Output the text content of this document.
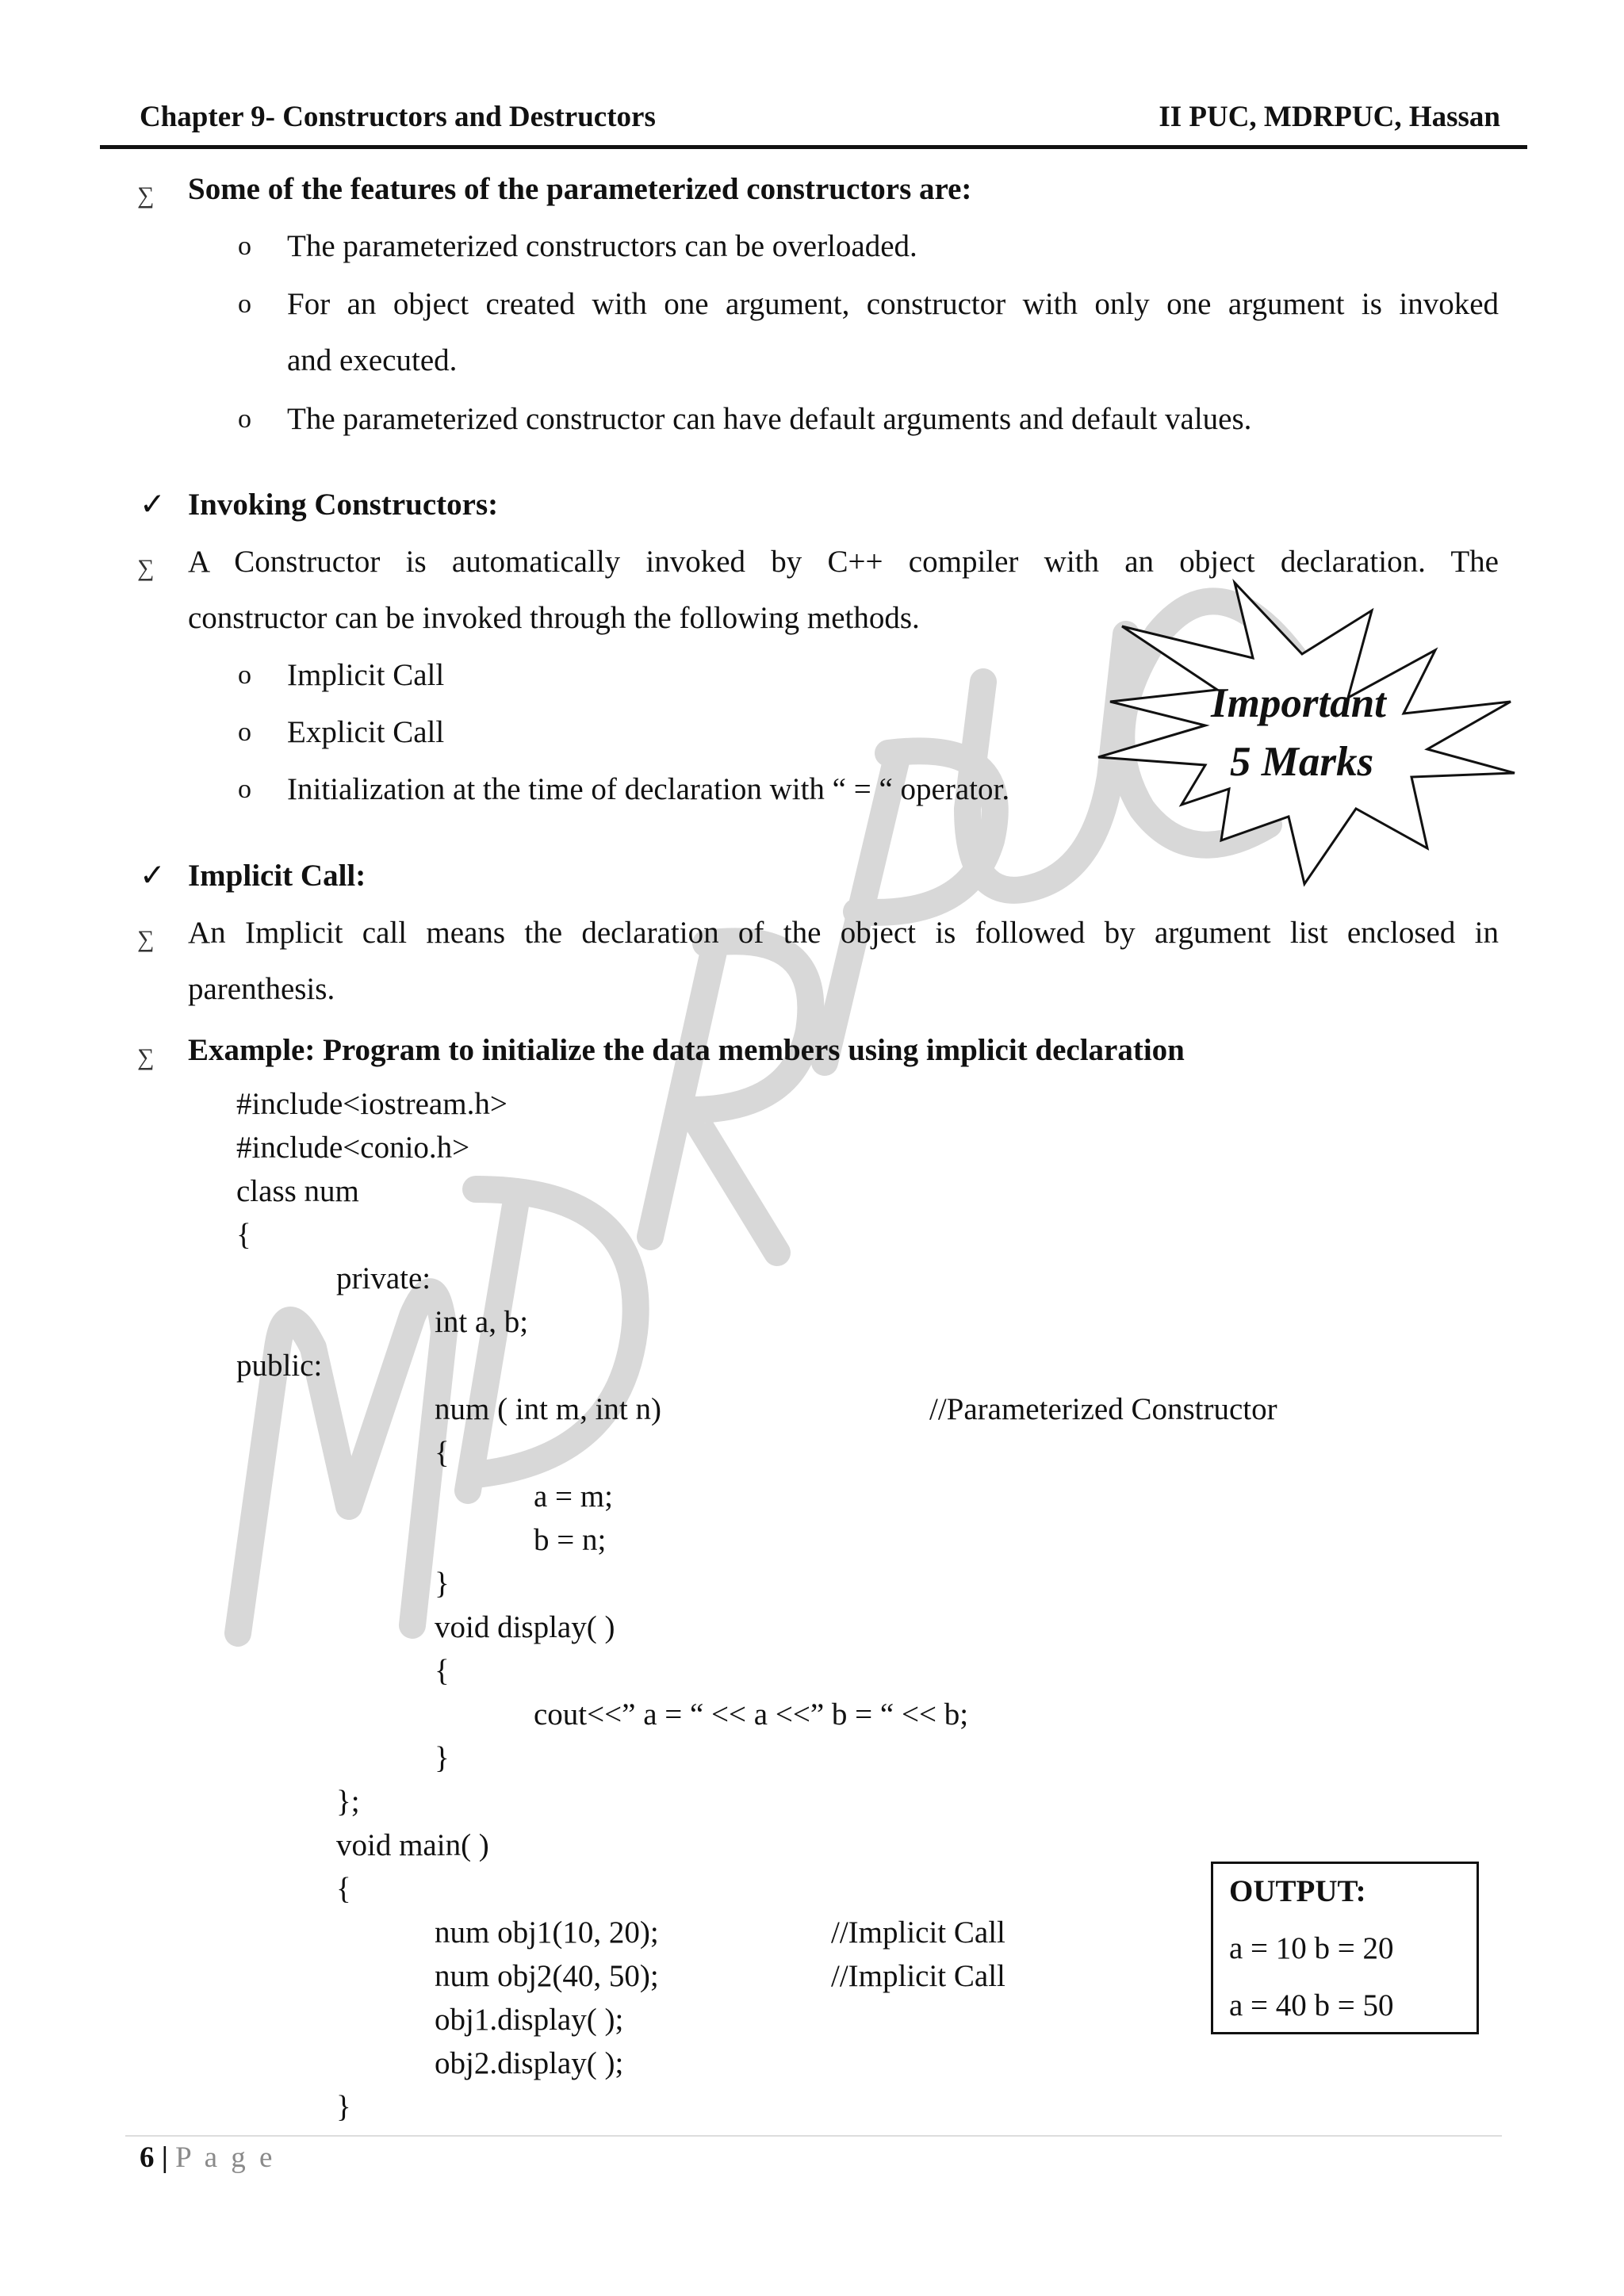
Chapter 9- Constructors and Destructors	II PUC, MDRPUC, Hassan
∑ Some of the features of the parameterized constructors are:
o The parameterized constructors can be overloaded.
o For an object created with one argument, constructor with only one argument is invoked
and executed.
o The parameterized constructor can have default arguments and default values.
✓ Invoking Constructors:
∑ A Constructor is automatically invoked by C++ compiler with an object declaration. The
constructor can be invoked through the following methods.
o Implicit Call
o Explicit Call
o Initialization at the time of declaration with “ = “ operator.
Important
5 Marks
✓ Implicit Call:
∑ An Implicit call means the declaration of the object is followed by argument list enclosed in
parenthesis.
∑ Example: Program to initialize the data members using implicit declaration
#include<iostream.h>
#include<conio.h>
class num
{
private:
int a, b;
public:
num ( int m, int n)	//Parameterized Constructor
{
a = m;
b = n;
}
void display( )
{
cout<<” a = “ << a <<” b = “ << b;
}
};
void main( )
{
num obj1(10, 20);	//Implicit Call
num obj2(40, 50);	//Implicit Call
obj1.display( );
obj2.display( );
}
OUTPUT:
a = 10 b = 20
a = 40 b = 50
6 | P a g e
